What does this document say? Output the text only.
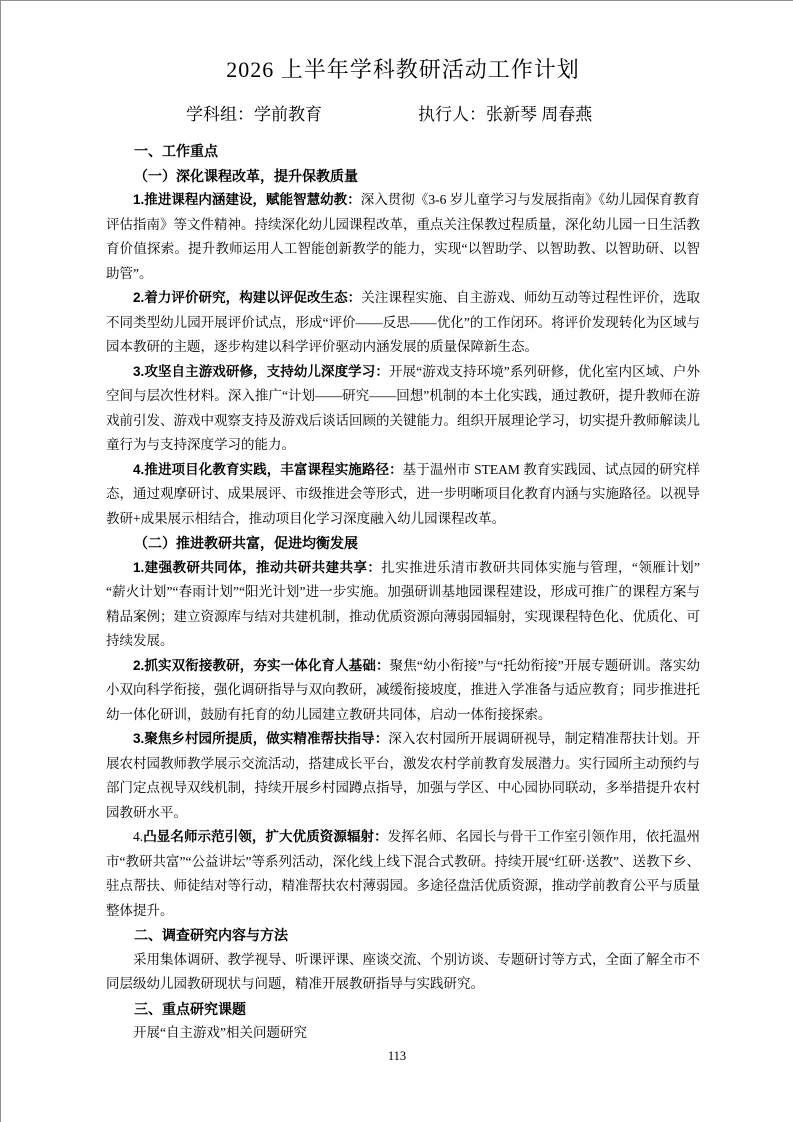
2026 上半年学科教研活动工作计划
学科组：学前教育	执行人：张新琴 周春燕

一、工作重点

（一）深化课程改革，提升保教质量

1.推进课程内涵建设，赋能智慧幼教：深入贯彻《3-6 岁儿童学习与发展指南》《幼儿园保育教育评估指南》等文件精神。持续深化幼儿园课程改革，重点关注保教过程质量，深化幼儿园一日生活教育价值探索。提升教师运用人工智能创新教学的能力，实现“以智助学、以智助教、以智助研、以智助管”。

2.着力评价研究，构建以评促改生态：关注课程实施、自主游戏、师幼互动等过程性评价，选取不同类型幼儿园开展评价试点，形成“评价——反思——优化”的工作闭环。将评价发现转化为区域与园本教研的主题，逐步构建以科学评价驱动内涵发展的质量保障新生态。

3.攻坚自主游戏研修，支持幼儿深度学习：开展“游戏支持环境”系列研修，优化室内区域、户外空间与层次性材料。深入推广“计划——研究——回想”机制的本土化实践，通过教研，提升教师在游戏前引发、游戏中观察支持及游戏后谈话回顾的关键能力。组织开展理论学习，切实提升教师解读儿童行为与支持深度学习的能力。

4.推进项目化教育实践，丰富课程实施路径：基于温州市 STEAM 教育实践园、试点园的研究样态，通过观摩研讨、成果展评、市级推进会等形式，进一步明晰项目化教育内涵与实施路径。以视导教研+成果展示相结合，推动项目化学习深度融入幼儿园课程改革。

（二）推进教研共富，促进均衡发展

1.建强教研共同体，推动共研共建共享：扎实推进乐清市教研共同体实施与管理，“领雁计划”“薪火计划”“春雨计划”“阳光计划”进一步实施。加强研训基地园课程建设，形成可推广的课程方案与精品案例；建立资源库与结对共建机制，推动优质资源向薄弱园辐射，实现课程特色化、优质化、可持续发展。

2.抓实双衔接教研，夯实一体化育人基础：聚焦“幼小衔接”与“托幼衔接”开展专题研训。落实幼小双向科学衔接，强化调研指导与双向教研，减缓衔接坡度，推进入学准备与适应教育；同步推进托幼一体化研训，鼓励有托育的幼儿园建立教研共同体，启动一体衔接探索。

3.聚焦乡村园所提质，做实精准帮扶指导：深入农村园所开展调研视导，制定精准帮扶计划。开展农村园教师教学展示交流活动，搭建成长平台，激发农村学前教育发展潜力。实行园所主动预约与部门定点视导双线机制，持续开展乡村园蹲点指导，加强与学区、中心园协同联动，多举措提升农村园教研水平。

4.凸显名师示范引领，扩大优质资源辐射：发挥名师、名园长与骨干工作室引领作用，依托温州市“教研共富”“公益讲坛”等系列活动，深化线上线下混合式教研。持续开展“红研·送教”、送教下乡、驻点帮扶、师徒结对等行动，精准帮扶农村薄弱园。多途径盘活优质资源，推动学前教育公平与质量整体提升。

二、调查研究内容与方法

采用集体调研、教学视导、听课评课、座谈交流、个别访谈、专题研讨等方式，全面了解全市不同层级幼儿园教研现状与问题，精准开展教研指导与实践研究。

三、重点研究课题

开展“自主游戏”相关问题研究

113
